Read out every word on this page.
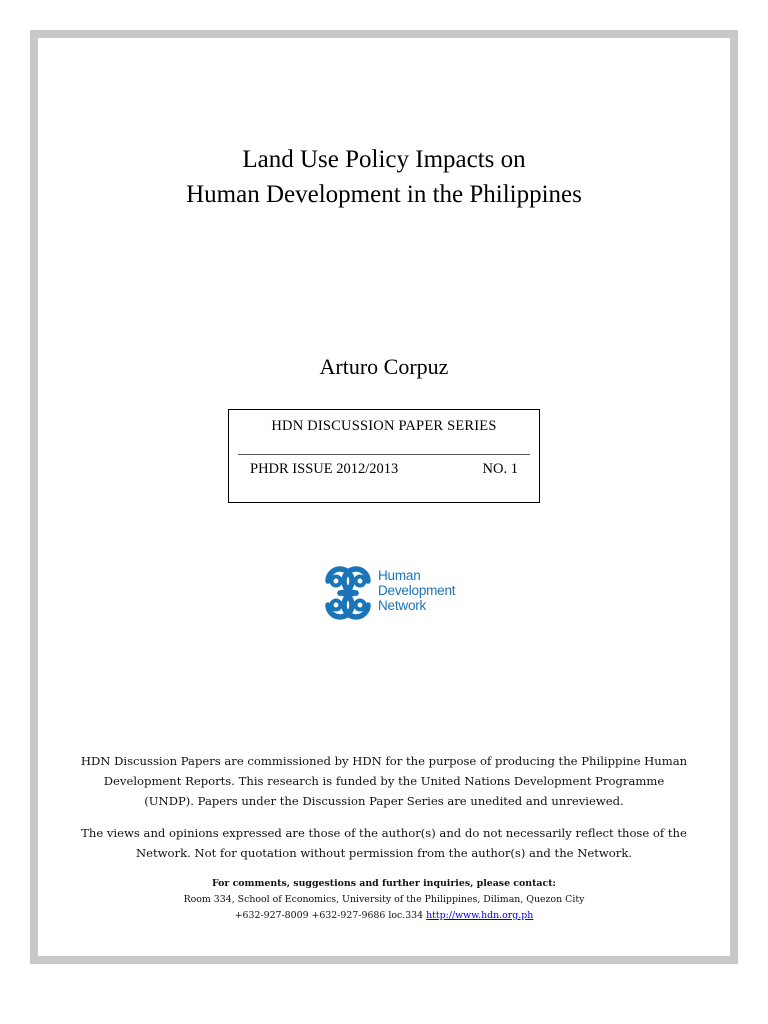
Land Use Policy Impacts on
Human Development in the Philippines
Arturo Corpuz
HDN DISCUSSION PAPER SERIES
PHDR ISSUE 2012/2013	NO. 1
Human
Development
Network

HDN Discussion Papers are commissioned by HDN for the purpose of producing the Philippine Human Development Reports. This research is funded by the United Nations Development Programme (UNDP). Papers under the Discussion Paper Series are unedited and unreviewed.

The views and opinions expressed are those of the author(s) and do not necessarily reflect those of the Network. Not for quotation without permission from the author(s) and the Network.

For comments, suggestions and further inquiries, please contact:
Room 334, School of Economics, University of the Philippines, Diliman, Quezon City
+632-927-8009 +632-927-9686 loc.334 http://www.hdn.org.ph
